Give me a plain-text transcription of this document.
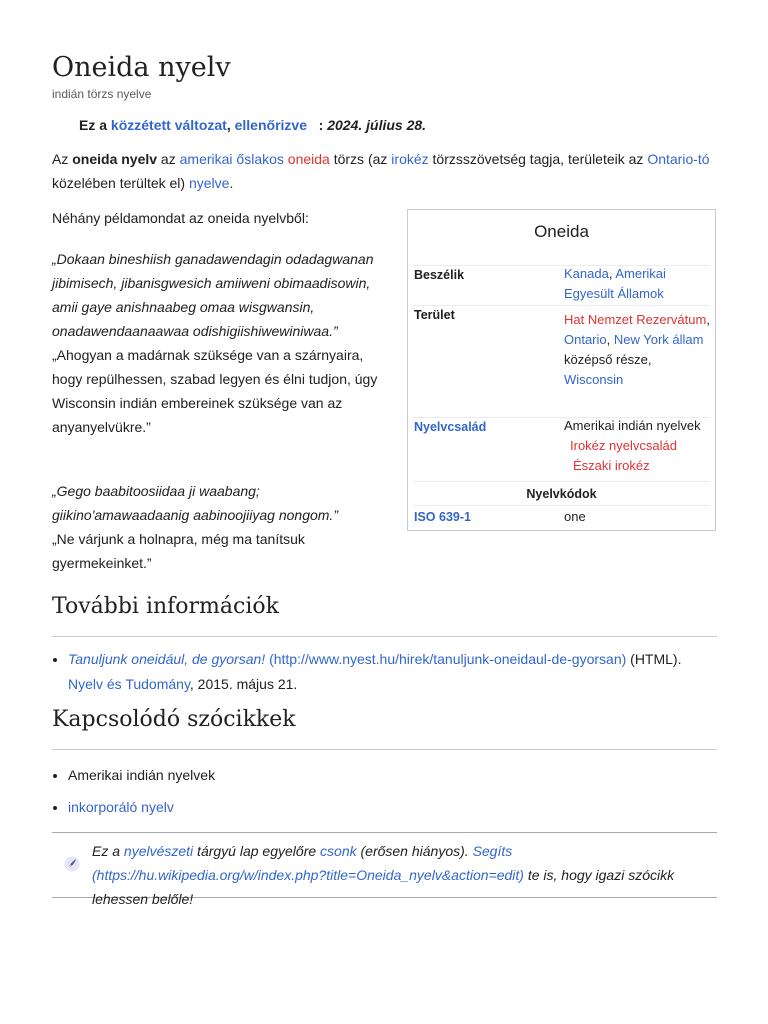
Oneida nyelv
indián törzs nyelve
Ez a közzétett változat, ellenőrizve : 2024. július 28.
Az oneida nyelv az amerikai őslakos oneida törzs (az irokéz törzsszövetség tagja, területeik az Ontario-tó közelében terültek el) nyelve.
Néhány példamondat az oneida nyelvből:
„Dokaan bineshiish ganadawendagin odadagwanan jibimisech, jibanisgwesich amiiweni obimaadisowin, amii gaye anishnaabeg omaa wisgwansin, onadawendaanaawaa odishigiishiwewiniwaa.”
„Ahogyan a madárnak szüksége van a szárnyaira, hogy repülhessen, szabad legyen és élni tudjon, úgy Wisconsin indián embereinek szüksége van az anyanyelvükre.”
„Gego baabitoosiidaa ji waabang; giikino'amawaadaanig aabinoojiiyag nongom.”
„Ne várjunk a holnapra, még ma tanítsuk gyermekeinket.”
Oneida
Beszélik	Kanada, Amerikai Egyesült Államok
Terület	Hat Nemzet Rezervátum, Ontario, New York állam középső része, Wisconsin
Nyelvcsalád	Amerikai indián nyelvek
Irokéz nyelvcsalád
Északi irokéz
Nyelvkódok
ISO 639-1	one
További információk
• Tanuljunk oneidául, de gyorsan! (http://www.nyest.hu/hirek/tanuljunk-oneidaul-de-gyorsan) (HTML). Nyelv és Tudomány, 2015. május 21.
Kapcsolódó szócikkek
• Amerikai indián nyelvek
• inkorporáló nyelv
Ez a nyelvészeti tárgyú lap egyelőre csonk (erősen hiányos). Segíts (https://hu.wikipedia.org/w/index.php?title=Oneida_nyelv&action=edit) te is, hogy igazi szócikk lehessen belőle!
